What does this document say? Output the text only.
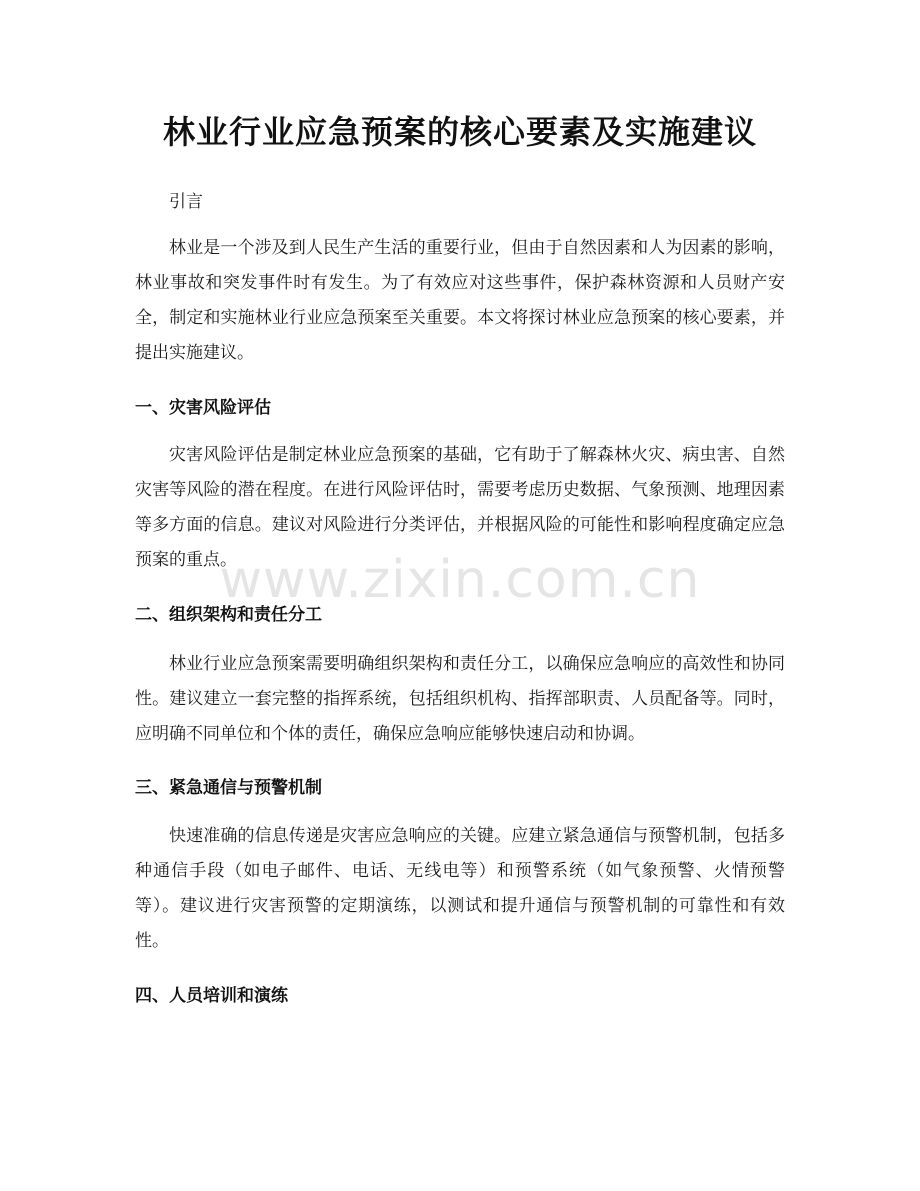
林业行业应急预案的核心要素及实施建议

引言

林业是一个涉及到人民生产生活的重要行业，但由于自然因素和人为因素的影响，林业事故和突发事件时有发生。为了有效应对这些事件，保护森林资源和人员财产安全，制定和实施林业行业应急预案至关重要。本文将探讨林业应急预案的核心要素，并提出实施建议。

一、灾害风险评估

灾害风险评估是制定林业应急预案的基础，它有助于了解森林火灾、病虫害、自然灾害等风险的潜在程度。在进行风险评估时，需要考虑历史数据、气象预测、地理因素等多方面的信息。建议对风险进行分类评估，并根据风险的可能性和影响程度确定应急预案的重点。

二、组织架构和责任分工

林业行业应急预案需要明确组织架构和责任分工，以确保应急响应的高效性和协同性。建议建立一套完整的指挥系统，包括组织机构、指挥部职责、人员配备等。同时，应明确不同单位和个体的责任，确保应急响应能够快速启动和协调。

三、紧急通信与预警机制

快速准确的信息传递是灾害应急响应的关键。应建立紧急通信与预警机制，包括多种通信手段（如电子邮件、电话、无线电等）和预警系统（如气象预警、火情预警等）。建议进行灾害预警的定期演练，以测试和提升通信与预警机制的可靠性和有效性。

四、人员培训和演练

www.zixin.com.cn
